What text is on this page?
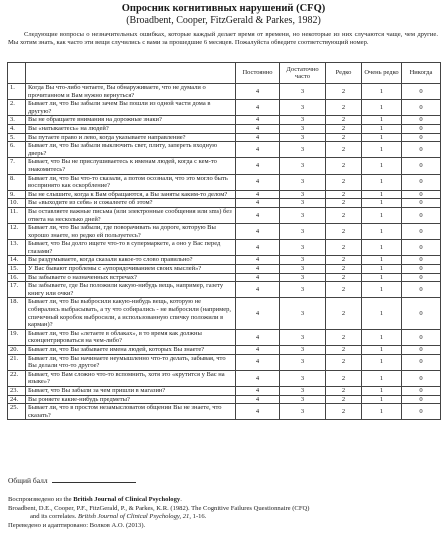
Опросник когнитивных нарушений (CFQ)
(Broadbent, Cooper, FitzGerald & Parkes, 1982)
Следующие вопросы о незначительных ошибках, которые каждый делает время от времени, но некоторые из них случаются чаще, чем другие. Мы хотим знать, как часто эти вещи случились с вами за прошедшие 6 месяцев. Пожалуйста обведите соответствующий номер.
		Постоянно	Достаточно часто	Редко	Очень редко	Никогда
1.	Когда Вы что-либо читаете, Вы обнаруживаете, что не думали о прочитанном и Вам нужно вернуться?	4	3	2	1	0
2.	Бывает ли, что Вы забыли зачем Вы пошли из одной части дома в другую?	4	3	2	1	0
3.	Вы не обращаете внимания на дорожные знаки?	4	3	2	1	0
4.	Вы «натыкаетесь» на людей?	4	3	2	1	0
5.	Вы путаете право и лево, когда указываете направление?	4	3	2	1	0
6.	Бывает ли, что Вы забыли выключить свет, плиту, запереть входную дверь?	4	3	2	1	0
7.	Бывает, что Вы не прислушиваетесь к именам людей, когда с кем-то знакомитесь?	4	3	2	1	0
8.	Бывает ли, что Вы что-то сказали, а потом осознали, что это могло быть воспринято как оскорбление?	4	3	2	1	0
9.	Вы не слышите, когда к Вам обращаются, а Вы заняты каким-то делом?	4	3	2	1	0
10.	Вы «выходите из себя» и сожалеете об этом?	4	3	2	1	0
11.	Вы оставляете важные письма (или электронные сообщения или sms) без ответа на несколько дней?	4	3	2	1	0
12.	Бывает ли, что Вы забыли, где поворачивать на дороге, которую Вы хорошо знаете, но редко ей пользуетесь?	4	3	2	1	0
13.	Бывает, что Вы долго ищете что-то в супермаркете, а оно у Вас перед глазами?	4	3	2	1	0
14.	Вы раздумываете, когда сказали какое-то слово правильно?	4	3	2	1	0
15.	У Вас бывают проблемы с «упорядочиванием своих мыслей»?	4	3	2	1	0
16.	Вы забываете о назначенных встречах?	4	3	2	1	0
17.	Вы забываете, где Вы положили какую-нибудь вещь, например, газету книгу или очки?	4	3	2	1	0
18.	Бывает ли, что Вы выбросили какую-нибудь вещь, которую не собирались выбрасывать, а ту что собирались - не выбросили (например, спичечный коробок выбросили, а использованную спичку положили в карман)?	4	3	2	1	0
19.	Бывает ли, что Вы «летаете в облаках», в то время как должны сконцентрироваться на чем-либо?	4	3	2	1	0
20.	Бывает ли, что Вы забываете имена людей, которых Вы знаете?	4	3	2	1	0
21.	Бывает ли, что Вы начинаете неумышленно что-то делать, забывая, что Вы делали что-то другое?	4	3	2	1	0
22.	Бывает, что Вам сложно что-то вспомнить, хотя это «крутится у Вас на языке»?	4	3	2	1	0
23.	Бывает, что Вы забыли за чем пришли в магазин?	4	3	2	1	0
24.	Вы роняете какие-нибудь предметы?	4	3	2	1	0
25.	Бывает ли, что в простом незамысловатом общении Вы не знаете, что сказать?	4	3	2	1	0
Общий балл
Воспроизведено из the British Journal of Clinical Psychology.
Broadbent, D.E., Cooper, P.F., FitzGerald, P., & Parkes, K.R. (1982). The Cognitive Failures Questionnaire (CFQ)
and its correlates. British Journal of Clinical Psychology, 21, 1-16.
Переведено и адаптировано: Волков А.О. (2013).
